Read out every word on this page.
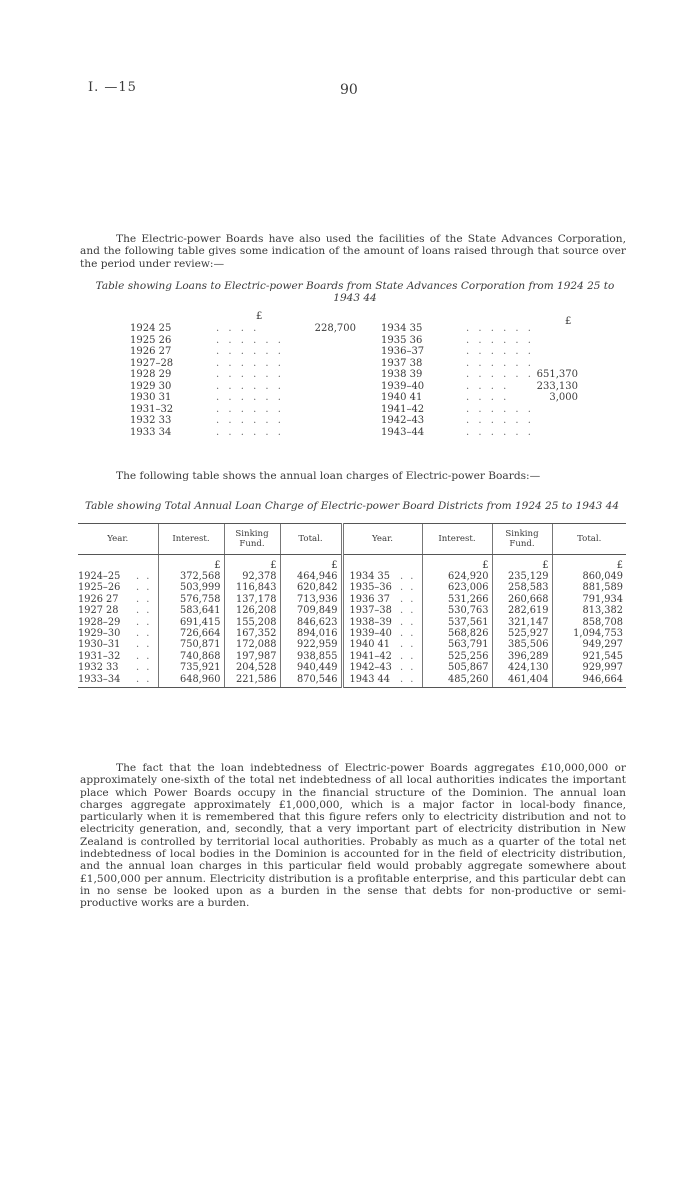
I. —15	90
The Electric-power Boards have also used the facilities of the State Advances Corporation, and the following table gives some indication of the amount of loans raised through that source over the period under review:—
Table showing Loans to Electric-power Boards from State Advances Corporation from 1924 25 to 1943 44
£	£
1924 25	. . . .	228,700
1925 26	. . . . . .
1926 27	. . . . . .
1927–28	. . . . . .
1928 29	. . . . . .
1929 30	. . . . . .
1930 31	. . . . . .
1931–32	. . . . . .
1932 33	. . . . . .
1933 34	. . . . . .
1934 35	. . . . . .
1935 36	. . . . . .
1936–37	. . . . . .
1937 38	. . . . . .
1938 39	. . . . . . 651,370
1939–40	. . . .	233,130
1940 41	. . . .	3,000
1941–42	. . . . . .
1942–43	. . . . . .
1943–44	. . . . . .
The following table shows the annual loan charges of Electric-power Boards:—
Table showing Total Annual Loan Charge of Electric-power Board Districts from 1924 25 to 1943 44
Year.		Interest.	Sinking Fund.	Total.	Year.		Interest.	Sinking Fund.	Total.
		£	£	£			£	£	£
1924–25	. .	372,568	92,378	464,946	1934 35	. .	624,920	235,129	860,049
1925–26	. .	503,999	116,843	620,842	1935–36	. .	623,006	258,583	881,589
1926 27	. .	576,758	137,178	713,936	1936 37	. .	531,266	260,668	791,934
1927 28	. .	583,641	126,208	709,849	1937–38	. .	530,763	282,619	813,382
1928–29	. .	691,415	155,208	846,623	1938–39	. .	537,561	321,147	858,708
1929–30	. .	726,664	167,352	894,016	1939–40	. .	568,826	525,927	1,094,753
1930–31	. .	750,871	172,088	922,959	1940 41	. .	563,791	385,506	949,297
1931–32	. .	740,868	197,987	938,855	1941–42	. .	525,256	396,289	921,545
1932 33	. .	735,921	204,528	940,449	1942–43	. .	505,867	424,130	929,997
1933–34	. .	648,960	221,586	870,546	1943 44	. .	485,260	461,404	946,664
The fact that the loan indebtedness of Electric-power Boards aggregates £10,000,000 or approximately one-sixth of the total net indebtedness of all local authorities indicates the important place which Power Boards occupy in the financial structure of the Dominion. The annual loan charges aggregate approximately £1,000,000, which is a major factor in local-body finance, particularly when it is remembered that this figure refers only to electricity distribution and not to electricity generation, and, secondly, that a very important part of electricity distribution in New Zealand is controlled by territorial local authorities. Probably as much as a quarter of the total net indebtedness of local bodies in the Dominion is accounted for in the field of electricity distribution, and the annual loan charges in this particular field would probably aggregate somewhere about £1,500,000 per annum. Electricity distribution is a profitable enterprise, and this particular debt can in no sense be looked upon as a burden in the sense that debts for non-productive or semi-productive works are a burden.
